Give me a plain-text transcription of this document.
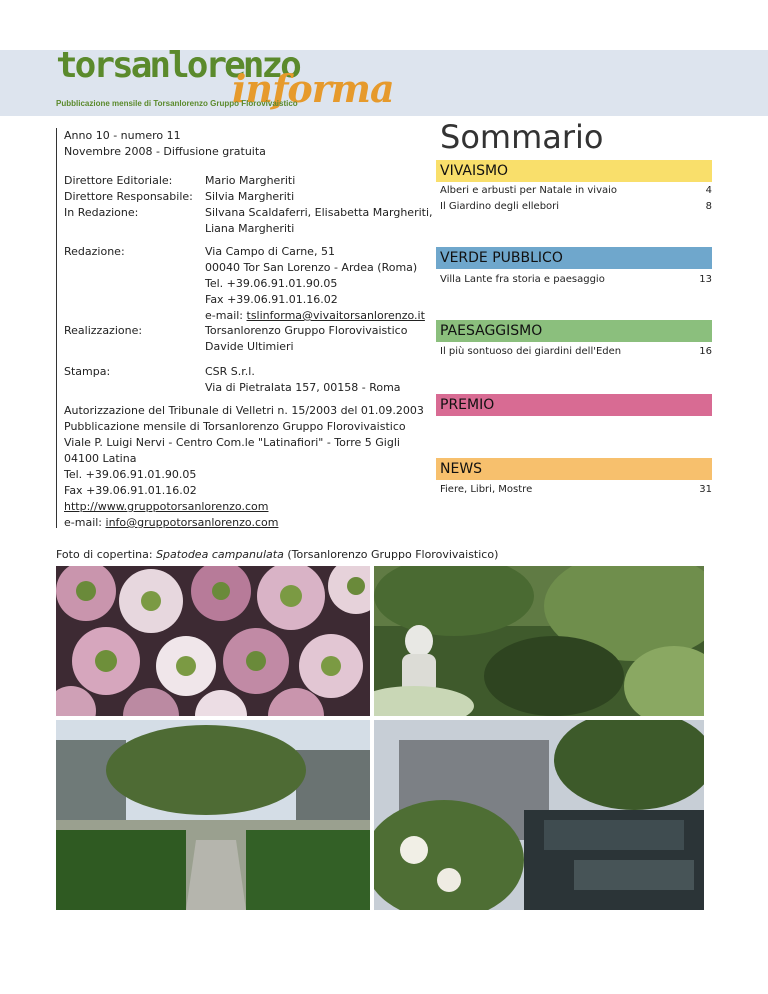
torsanlorenzo
informa
Pubblicazione mensile di Torsanlorenzo Gruppo Florovivaistico

Anno 10 - numero 11

Novembre 2008 - Diffusione gratuita

Direttore Editoriale:	Mario Margheriti

Direttore Responsabile: Silvia Margheriti

In Redazione:	Silvana Scaldaferri, Elisabetta Margheriti,

Liana Margheriti

Redazione:	Via Campo di Carne, 51

00040 Tor San Lorenzo - Ardea (Roma)

Tel. +39.06.91.01.90.05

Fax +39.06.91.01.16.02

e-mail: tslinforma@vivaitorsanlorenzo.it

Realizzazione:	Torsanlorenzo Gruppo Florovivaistico

Davide Ultimieri

Stampa:	CSR S.r.l.

Via di Pietralata 157, 00158 - Roma

Autorizzazione del Tribunale di Velletri n. 15/2003 del 01.09.2003

Pubblicazione mensile di Torsanlorenzo Gruppo Florovivaistico

Viale P. Luigi Nervi - Centro Com.le "Latinafiori" - Torre 5 Gigli

04100 Latina

Tel. +39.06.91.01.90.05

Fax +39.06.91.01.16.02

http://www.gruppotorsanlorenzo.com

e-mail: info@gruppotorsanlorenzo.com

Sommario
VIVAISMO
Alberi e arbusti per Natale in vivaio	4
Il Giardino degli ellebori	8
VERDE PUBBLICO
Villa Lante fra storia e paesaggio	13
PAESAGGISMO
Il più sontuoso dei giardini dell'Eden	16
PREMIO
NEWS
Fiere, Libri, Mostre	31
Foto di copertina: Spatodea campanulata (Torsanlorenzo Gruppo Florovivaistico)
